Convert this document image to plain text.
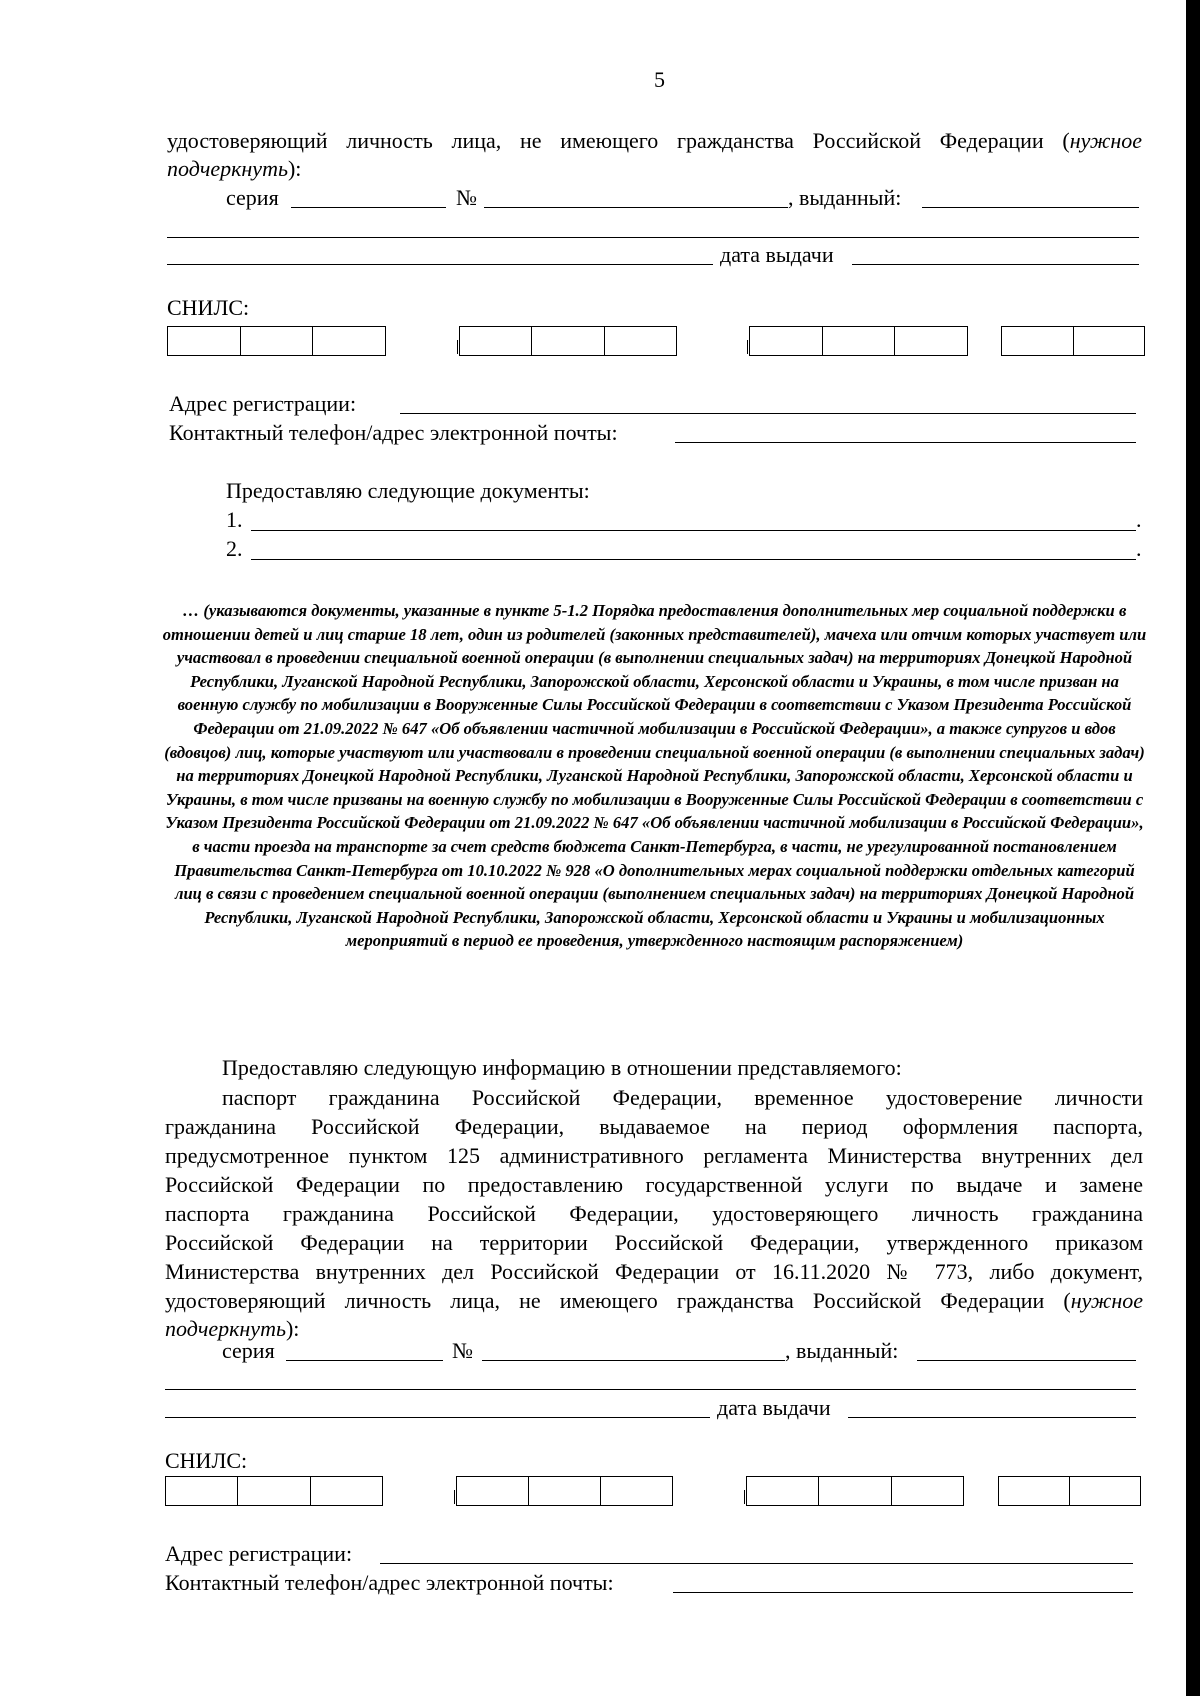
5
удостоверяющий личность лица, не имеющего гражданства Российской Федерации (нужное
подчеркнуть):
серия	№	, выданный:
дата выдачи
СНИЛС:
Адрес регистрации:
Контактный телефон/адрес электронной почты:
Предоставляю следующие документы:
1.	.
2.	.
… (указываются документы, указанные в пункте 5-1.2 Порядка предоставления дополнительных мер социальной поддержки в отношении детей и лиц старше 18 лет, один из родителей (законных представителей), мачеха или отчим которых участвует или участвовал в проведении специальной военной операции (в выполнении специальных задач) на территориях Донецкой Народной Республики, Луганской Народной Республики, Запорожской области, Херсонской области и Украины, в том числе призван на военную службу по мобилизации в Вооруженные Силы Российской Федерации в соответствии с Указом Президента Российской Федерации от 21.09.2022 № 647 «Об объявлении частичной мобилизации в Российской Федерации», а также супругов и вдов (вдовцов) лиц, которые участвуют или участвовали в проведении специальной военной операции (в выполнении специальных задач) на территориях Донецкой Народной Республики, Луганской Народной Республики, Запорожской области, Херсонской области и Украины, в том числе призваны на военную службу по мобилизации в Вооруженные Силы Российской Федерации в соответствии с Указом Президента Российской Федерации от 21.09.2022 № 647 «Об объявлении частичной мобилизации в Российской Федерации», в части проезда на транспорте за счет средств бюджета Санкт-Петербурга, в части, не урегулированной постановлением Правительства Санкт-Петербурга от 10.10.2022 № 928 «О дополнительных мерах социальной поддержки отдельных категорий лиц в связи с проведением специальной военной операции (выполнением специальных задач) на территориях Донецкой Народной Республики, Луганской Народной Республики, Запорожской области, Херсонской области и Украины и мобилизационных мероприятий в период ее проведения, утвержденного настоящим распоряжением)
Предоставляю следующую информацию в отношении представляемого:
паспорт гражданина Российской Федерации, временное удостоверение личности
гражданина Российской Федерации, выдаваемое на период оформления паспорта,
предусмотренное пунктом 125 административного регламента Министерства внутренних дел
Российской Федерации по предоставлению государственной услуги по выдаче и замене
паспорта гражданина Российской Федерации, удостоверяющего личность гражданина
Российской Федерации на территории Российской Федерации, утвержденного приказом
Министерства внутренних дел Российской Федерации от 16.11.2020 № 773, либо документ,
удостоверяющий личность лица, не имеющего гражданства Российской Федерации (нужное
подчеркнуть):
серия	№	, выданный:
дата выдачи
СНИЛС:
Адрес регистрации:
Контактный телефон/адрес электронной почты:
